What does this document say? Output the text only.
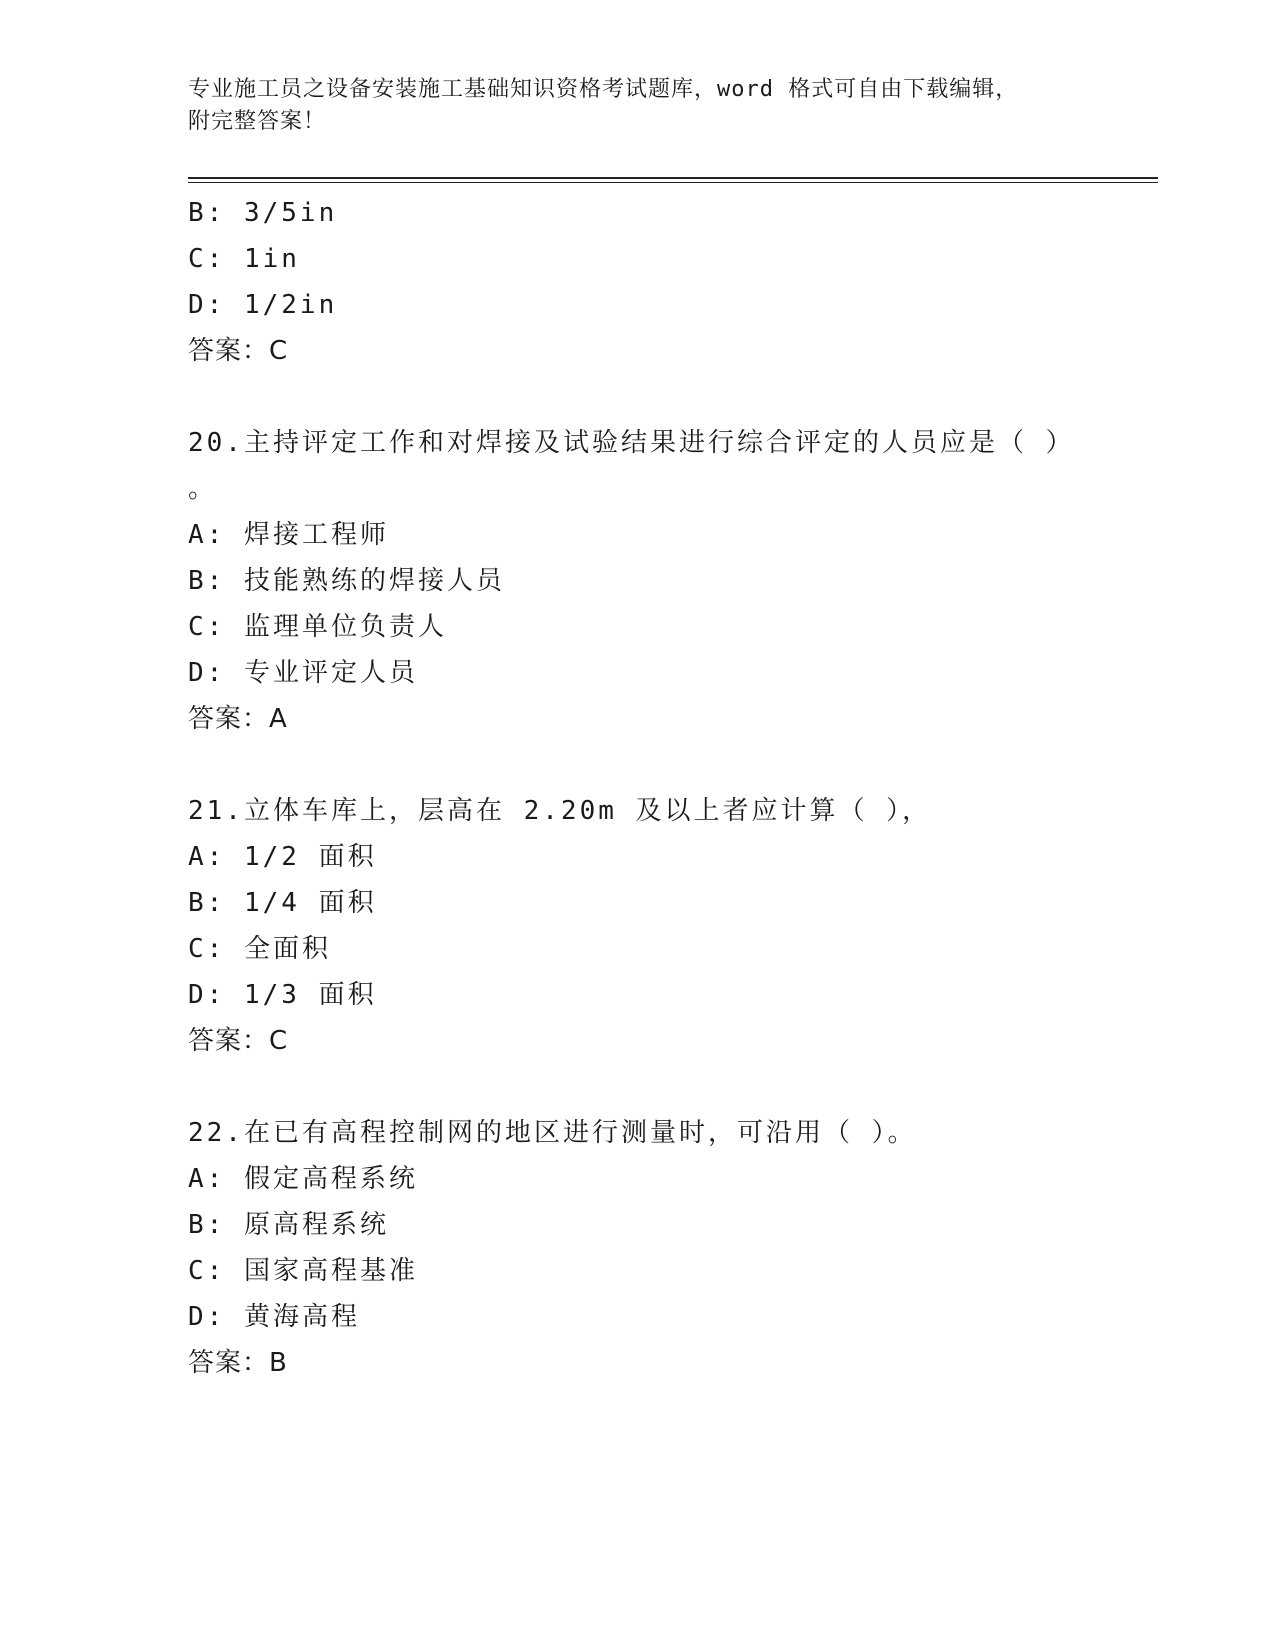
专业施工员之设备安装施工基础知识资格考试题库，word 格式可自由下载编辑，
附完整答案！
B: 3/5in
C: 1in
D: 1/2in
答案：C
20.主持评定工作和对焊接及试验结果进行综合评定的人员应是（ ）
。
A: 焊接工程师
B: 技能熟练的焊接人员
C: 监理单位负责人
D: 专业评定人员
答案：A
21.立体车库上，层高在 2.20m 及以上者应计算（ ），
A: 1/2 面积
B: 1/4 面积
C: 全面积
D: 1/3 面积
答案：C
22.在已有高程控制网的地区进行测量时，可沿用（ ）。
A: 假定高程系统
B: 原高程系统
C: 国家高程基准
D: 黄海高程
答案：B
